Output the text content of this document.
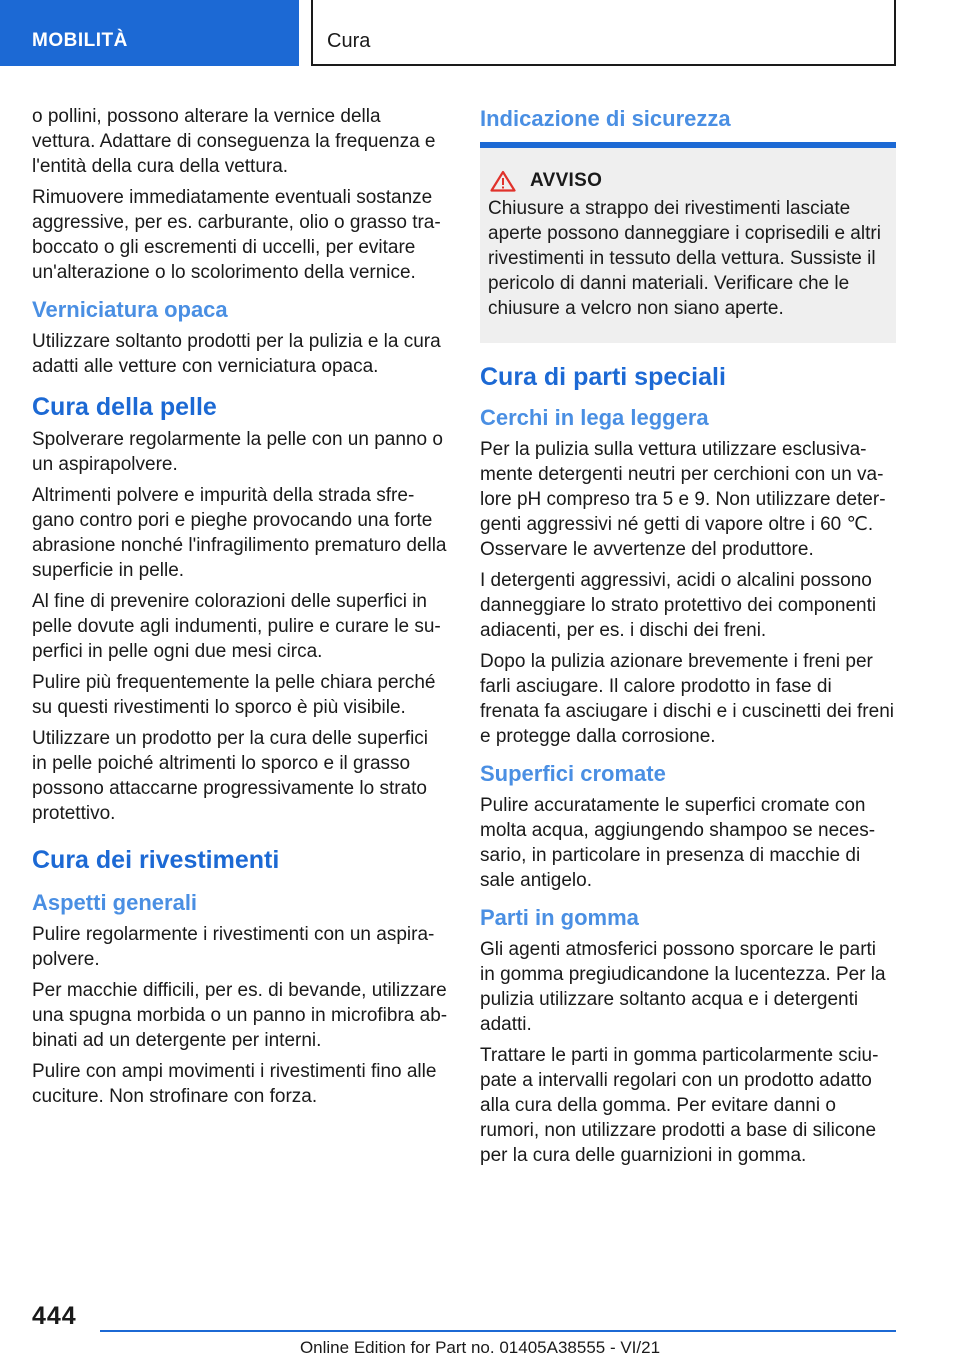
MOBILITÀ	Cura

o pollini, possono alterare la vernice della vettura. Adattare di conseguenza la frequenza e l'entità della cura della vettura.

Rimuovere immediatamente eventuali sostanze aggressive, per es. carburante, olio o grasso traboccato o gli escrementi di uccelli, per evitare un'alterazione o lo scolorimento della vernice.

Verniciatura opaca

Utilizzare soltanto prodotti per la pulizia e la cura adatti alle vetture con verniciatura opaca.

Cura della pelle

Spolverare regolarmente la pelle con un panno o un aspirapolvere.

Altrimenti polvere e impurità della strada sfregano contro pori e pieghe provocando una forte abrasione nonché l'infragilimento prematuro della superficie in pelle.

Al fine di prevenire colorazioni delle superfici in pelle dovute agli indumenti, pulire e curare le superfici in pelle ogni due mesi circa.

Pulire più frequentemente la pelle chiara perché su questi rivestimenti lo sporco è più visibile.

Utilizzare un prodotto per la cura delle superfici in pelle poiché altrimenti lo sporco e il grasso possono attaccarne progressivamente lo strato protettivo.

Cura dei rivestimenti
Aspetti generali

Pulire regolarmente i rivestimenti con un aspirapolvere.

Per macchie difficili, per es. di bevande, utilizzare una spugna morbida o un panno in microfibra abbinati ad un detergente per interni.

Pulire con ampi movimenti i rivestimenti fino alle cuciture. Non strofinare con forza.

Indicazione di sicurezza
AVVISO

Chiusure a strappo dei rivestimenti lasciate aperte possono danneggiare i coprisedili e altri rivestimenti in tessuto della vettura. Sussiste il pericolo di danni materiali. Verificare che le chiusure a velcro non siano aperte.

Cura di parti speciali
Cerchi in lega leggera

Per la pulizia sulla vettura utilizzare esclusivamente detergenti neutri per cerchioni con un valore pH compreso tra 5 e 9. Non utilizzare detergenti aggressivi né getti di vapore oltre i 60 ℃. Osservare le avvertenze del produttore.

I detergenti aggressivi, acidi o alcalini possono danneggiare lo strato protettivo dei componenti adiacenti, per es. i dischi dei freni.

Dopo la pulizia azionare brevemente i freni per farli asciugare. Il calore prodotto in fase di frenata fa asciugare i dischi e i cuscinetti dei freni e protegge dalla corrosione.

Superfici cromate

Pulire accuratamente le superfici cromate con molta acqua, aggiungendo shampoo se necessario, in particolare in presenza di macchie di sale antigelo.

Parti in gomma

Gli agenti atmosferici possono sporcare le parti in gomma pregiudicandone la lucentezza. Per la pulizia utilizzare soltanto acqua e i detergenti adatti.

Trattare le parti in gomma particolarmente sciupate a intervalli regolari con un prodotto adatto alla cura della gomma. Per evitare danni o rumori, non utilizzare prodotti a base di silicone per la cura delle guarnizioni in gomma.

444
Online Edition for Part no. 01405A38555 - VI/21
